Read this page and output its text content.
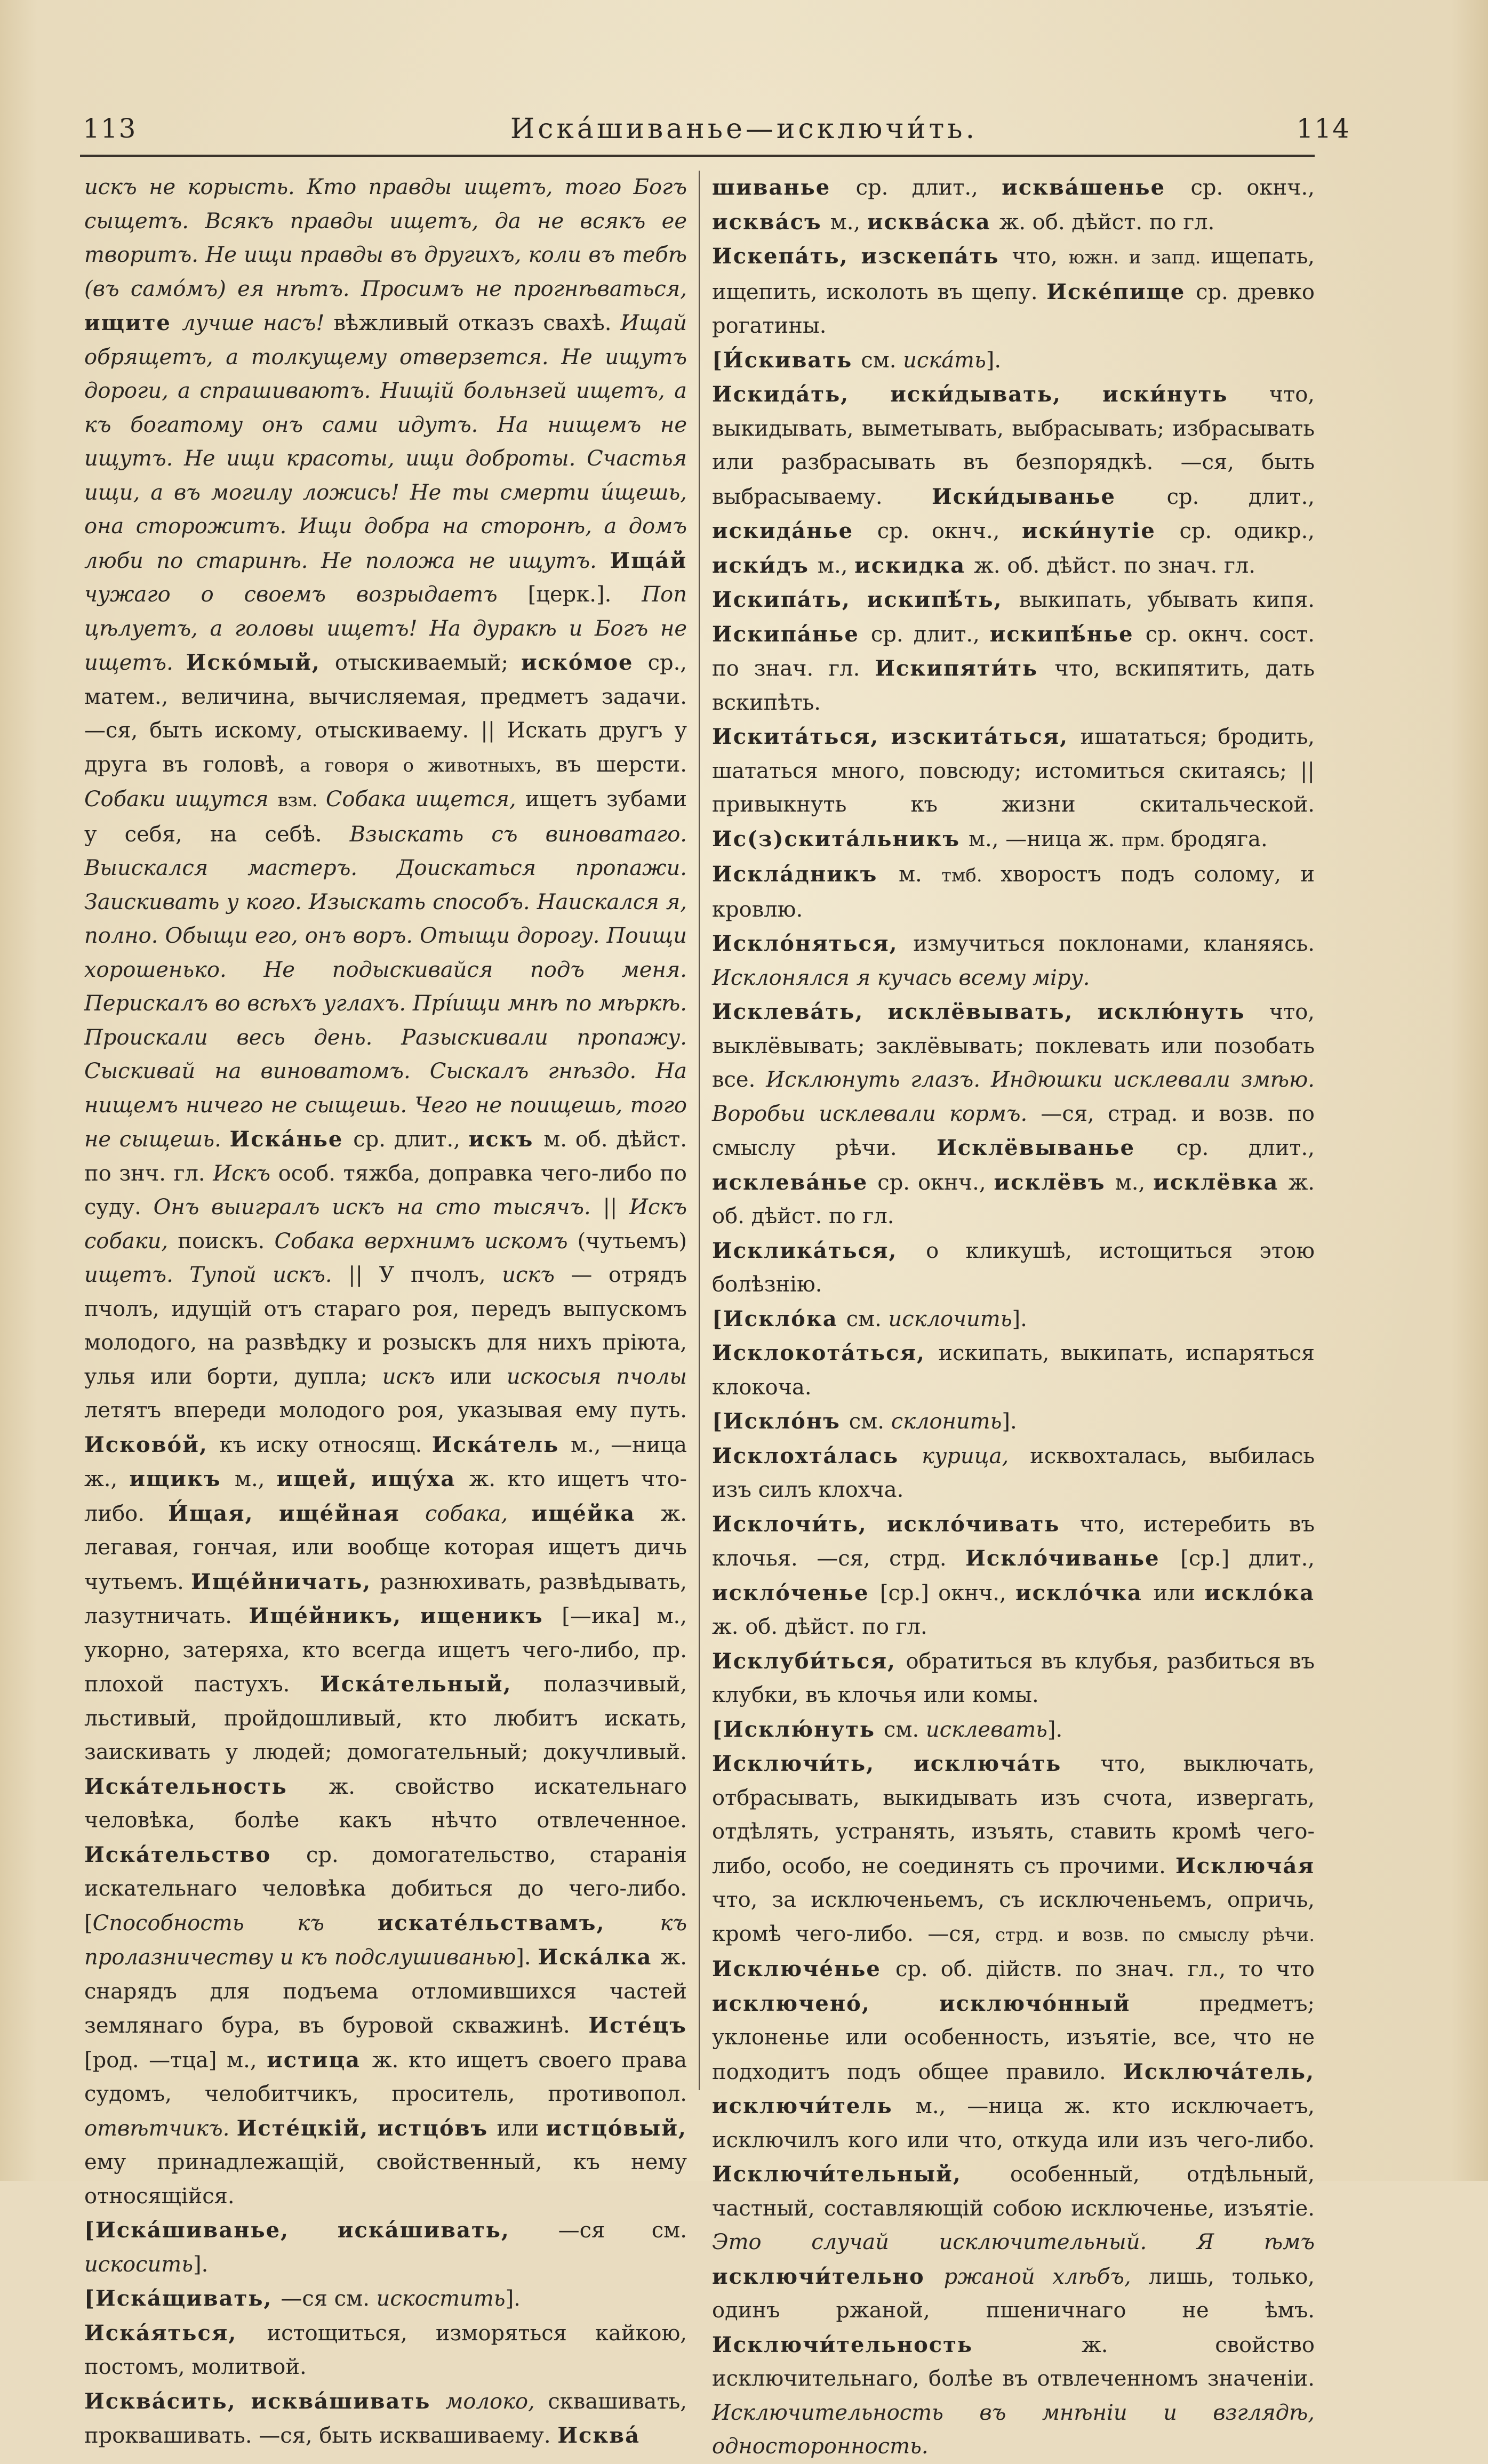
113	Иска́шиванье—исключи́ть.	114

искъ не корысть. Кто правды ищетъ, того Богъ сыщетъ. Всякъ правды ищетъ, да не всякъ ее творитъ. Не ищи правды въ другихъ, коли въ тебѣ (въ само́мъ) ея нѣтъ. Просимъ не прогнѣваться, ищите лучше насъ! вѣжливый отказъ свахѣ. Ищай обрящетъ, а толкущему отверзется. Не ищутъ дороги, а спрашиваютъ. Нищій больнзей ищетъ, а къ богатому онъ сами идутъ. На нищемъ не ищутъ. Не ищи красоты, ищи доброты. Счастья ищи, а въ могилу ложись! Не ты смерти и́щешь, она сторожитъ. Ищи добра на сторонѣ, а домъ люби по старинѣ. Не положа не ищутъ. Ища́й чужаго о своемъ возрыдаетъ [церк.]. Поп цѣлуетъ, а головы ищетъ! На дуракѣ и Богъ не ищетъ. Иско́мый, отыскиваемый; иско́мое ср., матем., величина, вычисляемая, предметъ задачи. —ся, быть искому, отыскиваему. || Искать другъ у друга въ головѣ, а говоря о животныхъ, въ шерсти. Собаки ищутся взм. Собака ищется, ищетъ зубами у себя, на себѣ. Взыскать съ виноватаго. Выискался мастеръ. Доискаться пропажи. Заискивать у кого. Изыскать способъ. Наискался я, полно. Обыщи его, онъ воръ. Отыщи дорогу. Поищи хорошенько. Не подыскивайся подъ меня. Перискалъ во всѣхъ углахъ. Прі́ищи мнѣ по мѣркѣ. Проискали весь день. Разыскивали пропажу. Сыскивай на виноватомъ. Сыскалъ гнѣздо. На нищемъ ничего не сыщешь. Чего не поищешь, того не сыщешь. Иска́нье ср. длит., искъ м. об. дѣйст. по знч. гл. Искъ особ. тяжба, доправка чего-либо по суду. Онъ выигралъ искъ на сто тысячъ. || Искъ собаки, поискъ. Собака верхнимъ искомъ (чутьемъ) ищетъ. Тупой искъ. || У пчолъ, искъ — отрядъ пчолъ, идущій отъ стараго роя, передъ выпускомъ молодого, на развѣдку и розыскъ для нихъ пріюта, улья или борти, дупла; искъ или искосыя пчолы летятъ впереди молодого роя, указывая ему путь. Исково́й, къ иску относящ. Иска́тель м., —ница ж., ищикъ м., ищей, ищу́ха ж. кто ищетъ что-либо. И́щая, ище́йная собака, ище́йка ж. легавая, гончая, или вообще которая ищетъ дичь чутьемъ. Ище́йничать, разнюхивать, развѣдывать, лазутничать. Ище́йникъ, ищеникъ [—ика] м., укорно, затеряха, кто всегда ищетъ чего-либо, пр. плохой пастухъ. Иска́тельный, полазчивый, льстивый, пройдошливый, кто любитъ искать, заискивать у людей; домогательный; докучливый. Иска́тельность ж. свойство искательнаго человѣка, болѣе какъ нѣчто отвлеченное. Иска́тельство ср. домогательство, старанія искательнаго человѣка добиться до чего-либо. [Способность къ искате́льствамъ, къ пролазничеству и къ подслушиванью]. Иска́лка ж. снарядъ для подъема отломившихся частей землянаго бура, въ буровой скважинѣ. Исте́цъ [род. —тца] м., истица ж. кто ищетъ своего права судомъ, челобитчикъ, проситель, противопол. отвѣтчикъ. Исте́цкій, истцо́въ или истцо́вый, ему принадлежащій, свойственный, къ нему относящійся.

[Иска́шиванье, иска́шивать, —ся см. искосить].

[Иска́щивать, —ся см. искостить].

Иска́яться, истощиться, изморяться кайкою, постомъ, молитвой.

Исква́сить, исква́шивать молоко, сквашивать, проквашивать. —ся, быть исквашиваему. Исква́

шиванье ср. длит., исква́шенье ср. окнч., исква́съ м., исква́ска ж. об. дѣйст. по гл.

Искепа́ть, изскепа́ть что, южн. и запд. ищепать, ищепить, исколоть въ щепу. Иске́пище ср. древко рогатины.

[И́скивать см. иска́ть].

Искида́ть, иски́дывать, иски́нуть что, выкидывать, выметывать, выбрасывать; избрасывать или разбрасывать въ безпорядкѣ. —ся, быть выбрасываему. Иски́дыванье ср. длит., искида́нье ср. окнч., иски́нутіе ср. одикр., иски́дъ м., искидка ж. об. дѣйст. по знач. гл.

Искипа́ть, искипѣ́ть, выкипать, убывать кипя. Искипа́нье ср. длит., искипѣ́нье ср. окнч. сост. по знач. гл. Искипяти́ть что, вскипятить, дать вскипѣть.

Искита́ться, изскита́ться, ишататься; бродить, шататься много, повсюду; истомиться скитаясь; || привыкнуть къ жизни скитальческой. Ис(з)скита́льникъ м., —ница ж. прм. бродяга.

Искла́дникъ м. тмб. хворостъ подъ солому, и кровлю.

Искло́няться, измучиться поклонами, кланяясь. Исклонялся я кучась всему міру.

Исклева́ть, исклёвывать, исклю́нуть что, выклёвывать; заклёвывать; поклевать или позобать все. Исклюнуть глазъ. Индюшки исклевали змѣю. Воробьи исклевали кормъ. —ся, страд. и возв. по смыслу рѣчи. Исклёвыванье ср. длит., исклева́нье ср. окнч., исклёвъ м., исклёвка ж. об. дѣйст. по гл.

Исклика́ться, о кликушѣ, истощиться этою болѣзнію.

[Искло́ка см. исклочить].

Исклокота́ться, искипать, выкипать, испаряться клокоча.

[Искло́нъ см. склонить].

Исклохта́лась курица, исквохталась, выбилась изъ силъ клохча.

Исклочи́ть, искло́чивать что, истеребить въ клочья. —ся, стрд. Искло́чиванье [ср.] длит., искло́ченье [ср.] окнч., искло́чка или искло́ка ж. об. дѣйст. по гл.

Исклуби́ться, обратиться въ клубья, разбиться въ клубки, въ клочья или комы.

[Исклю́нуть см. исклевать].

Исключи́ть, исключа́ть что, выключать, отбрасывать, выкидывать изъ счота, извергать, отдѣлять, устранять, изъять, ставить кромѣ чего-либо, особо, не соединять съ прочими. Исключа́я что, за исключеньемъ, съ исключеньемъ, опричь, кромѣ чего-либо. —ся, стрд. и возв. по смыслу рѣчи. Исключе́нье ср. об. дійств. по знач. гл., то что исключено́, исключо́нный предметъ; уклоненье или особенность, изъятіе, все, что не подходитъ подъ общее правило. Исключа́тель, исключи́тель м., —ница ж. кто исключаетъ, исключилъ кого или что, откуда или изъ чего-либо. Исключи́тельный, особенный, отдѣльный, частный, составляющій собою исключенье, изъятіе. Это случай исключительный. Я ѣмъ исключи́тельно ржаной хлѣбъ, лишь, только, одинъ ржаной, пшеничнаго не ѣмъ. Исключи́тельность ж. свойство исключительнаго, болѣе въ отвлеченномъ значеніи. Исключительность въ мнѣніи и взглядѣ, односторонность.
